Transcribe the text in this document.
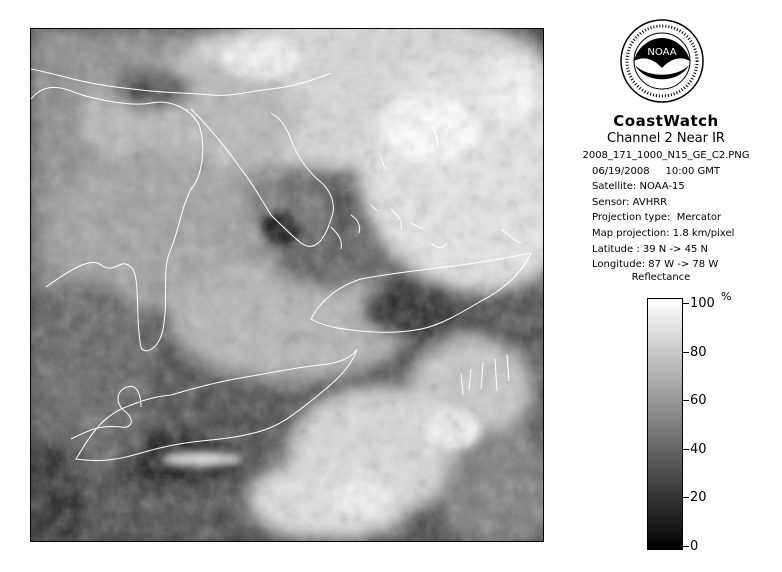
NOAA
CoastWatch
Channel 2 Near IR
2008_171_1000_N15_GE_C2.PNG
06/19/2008     10:00 GMT
Satellite: NOAA-15
Sensor: AVHRR
Projection type:  Mercator
Map projection: 1.8 km/pixel
Latitude : 39 N -> 45 N
Longitude: 87 W -> 78 W
Reflectance
%
100
80
60
40
20
0
